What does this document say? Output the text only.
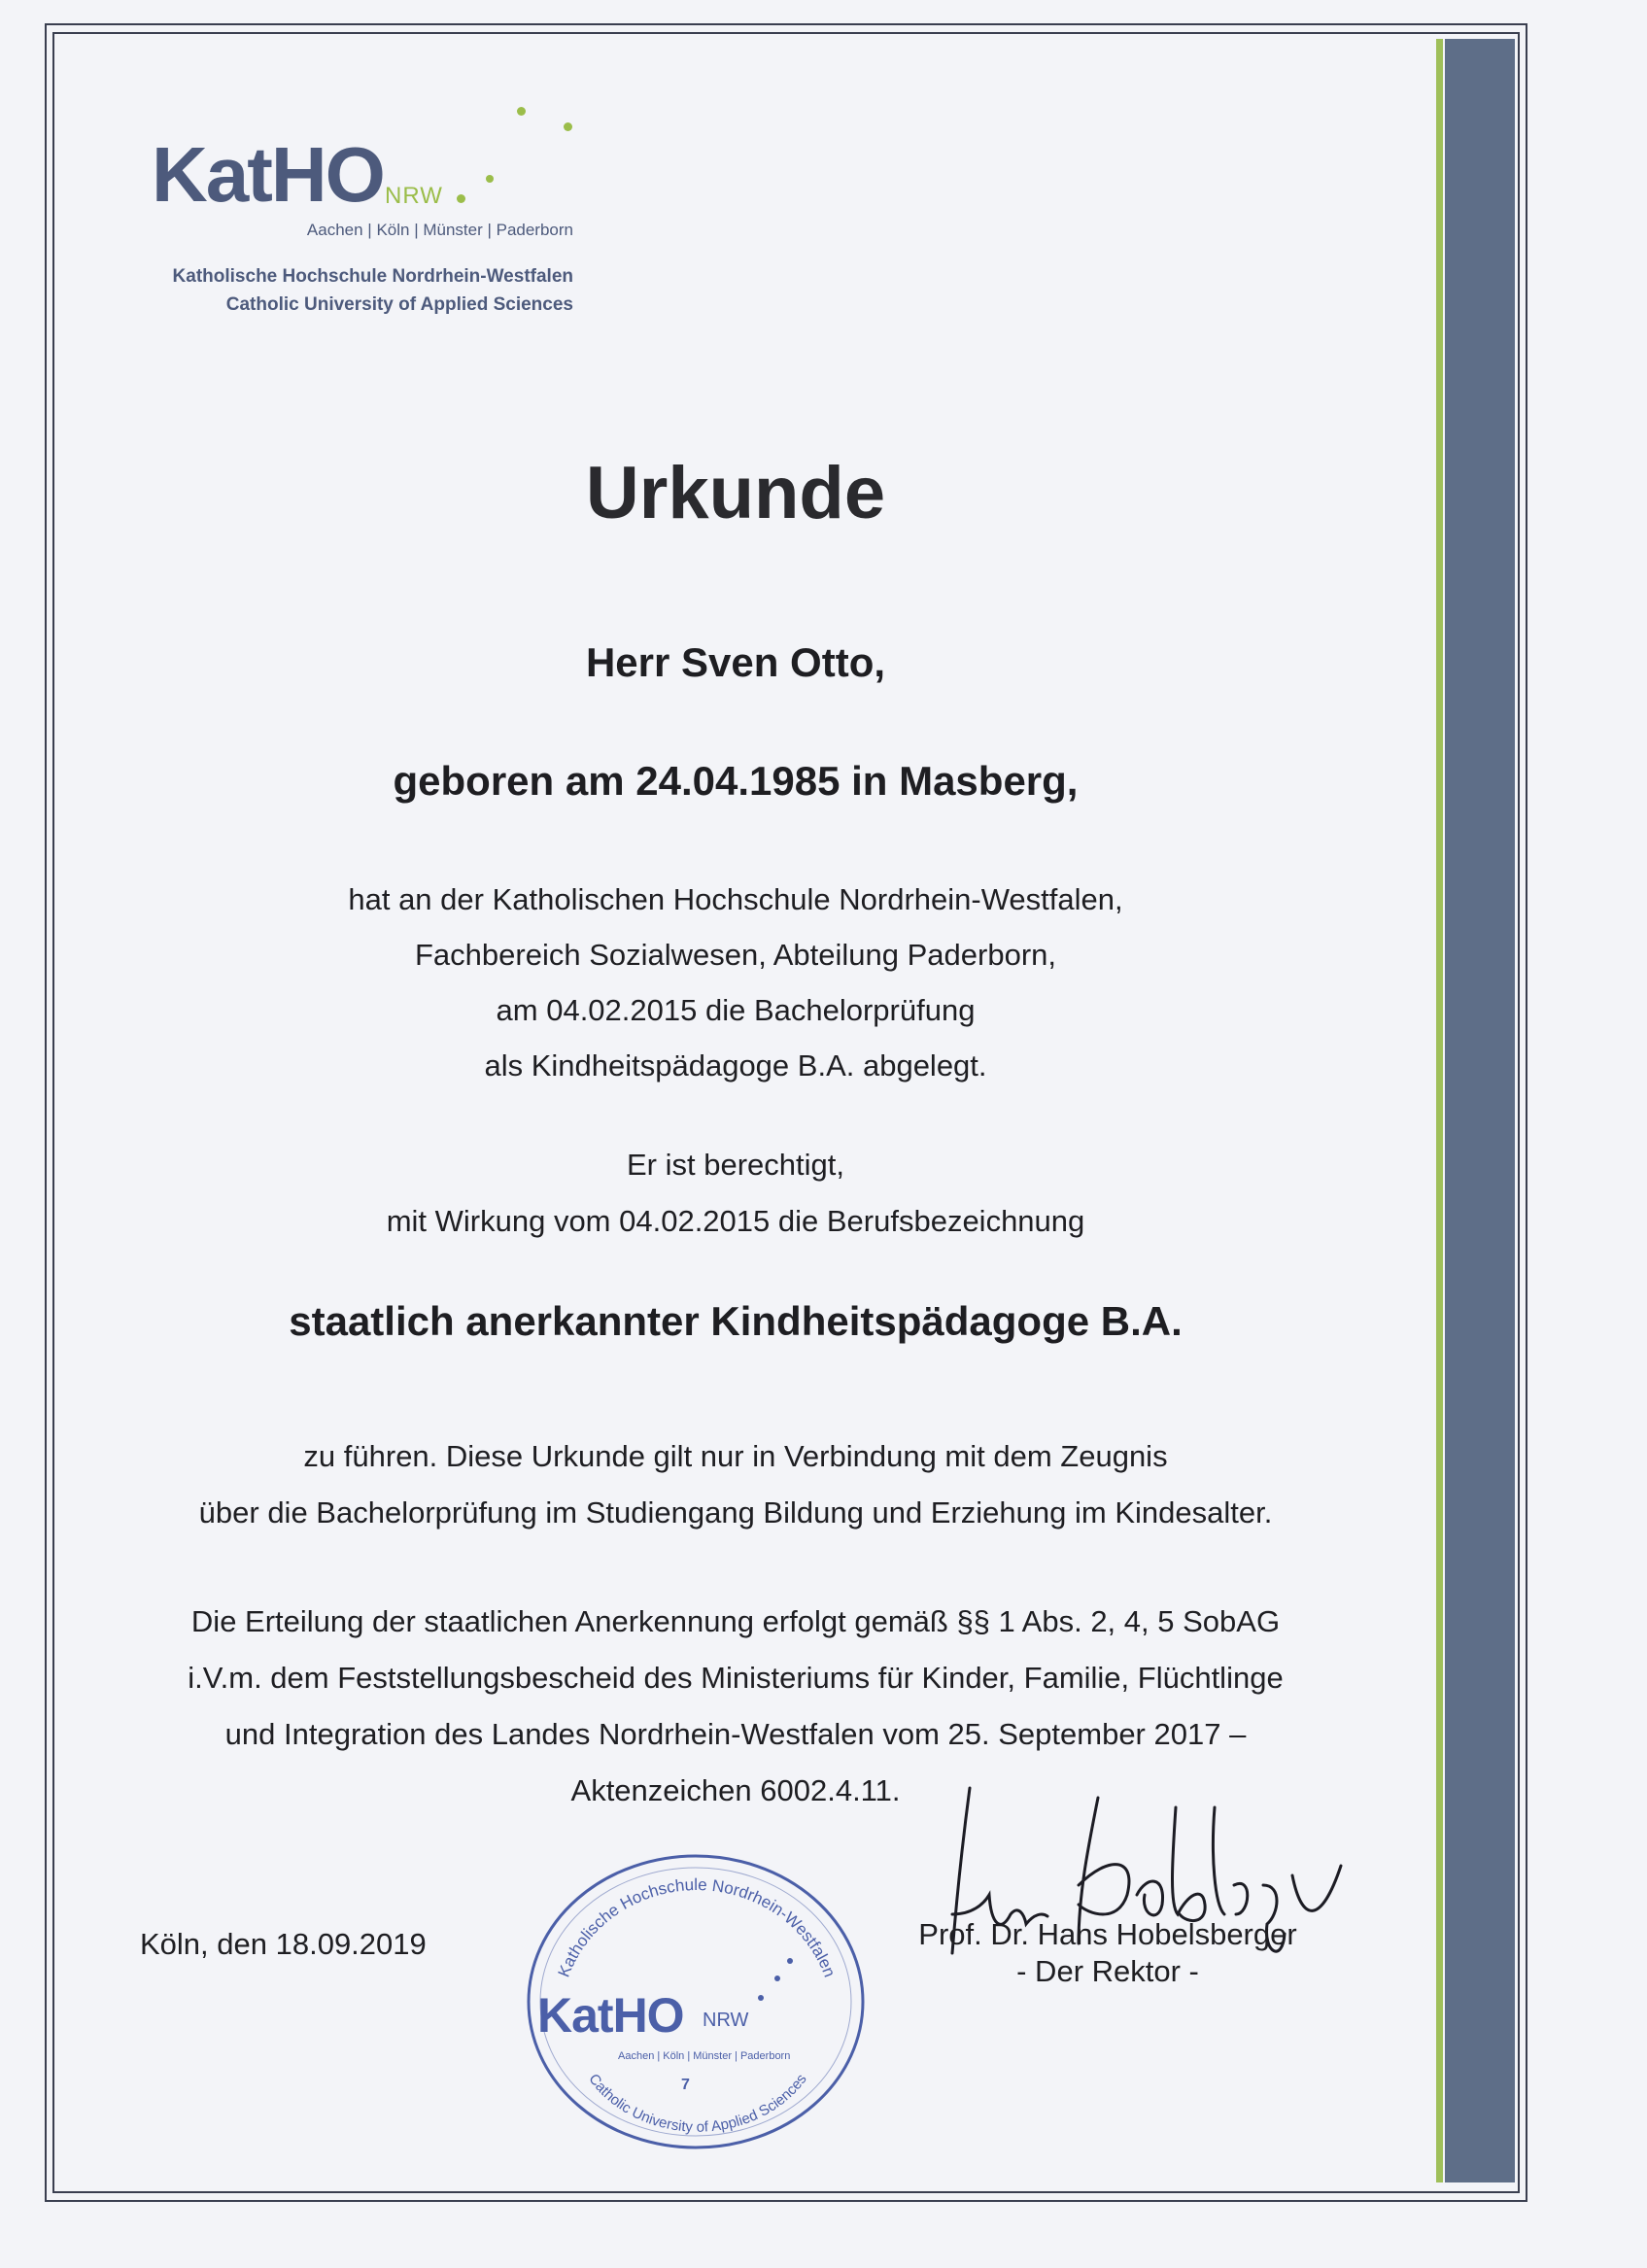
KatHO NRW
Aachen | Köln | Münster | Paderborn
Katholische Hochschule Nordrhein-Westfalen
Catholic University of Applied Sciences
Urkunde
Herr Sven Otto,
geboren am 24.04.1985 in Masberg,
hat an der Katholischen Hochschule Nordrhein-Westfalen,
Fachbereich Sozialwesen, Abteilung Paderborn,
am 04.02.2015 die Bachelorprüfung
als Kindheitspädagoge B.A. abgelegt.
Er ist berechtigt,
mit Wirkung vom 04.02.2015 die Berufsbezeichnung
staatlich anerkannter Kindheitspädagoge B.A.
zu führen. Diese Urkunde gilt nur in Verbindung mit dem Zeugnis
über die Bachelorprüfung im Studiengang Bildung und Erziehung im Kindesalter.
Die Erteilung der staatlichen Anerkennung erfolgt gemäß §§ 1 Abs. 2, 4, 5 SobAG
i.V.m. dem Feststellungsbescheid des Ministeriums für Kinder, Familie, Flüchtlinge
und Integration des Landes Nordrhein-Westfalen vom 25. September 2017 –
Aktenzeichen 6002.4.11.
Köln, den 18.09.2019
Katholische Hochschule Nordrhein-Westfalen
Catholic University of Applied Sciences
KatHO NRW
Aachen | Köln | Münster | Paderborn
7
Prof. Dr. Hans Hobelsberger
- Der Rektor -
